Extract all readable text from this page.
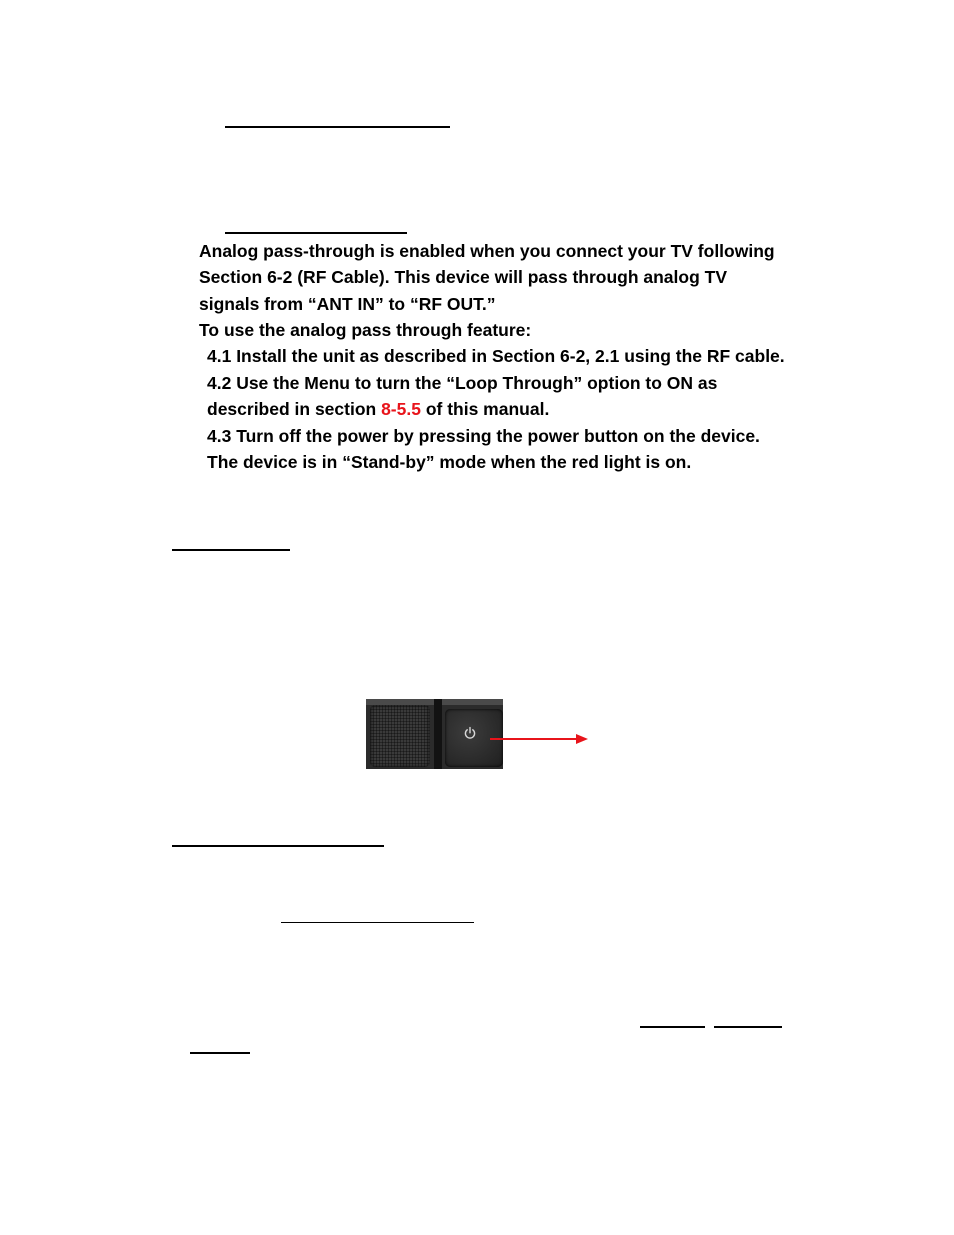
Analog pass-through is enabled when you connect your TV following

Section 6-2 (RF Cable). This device will pass through analog TV

signals from “ANT IN” to “RF OUT.”

To use the analog pass through feature:

4.1 Install the unit as described in Section 6-2, 2.1 using the RF cable.

4.2 Use the Menu to turn the “Loop Through” option to ON as

described in section 8-5.5 of this manual.

4.3 Turn off the power by pressing the power button on the device.

The device is in “Stand-by” mode when the red light is on.
